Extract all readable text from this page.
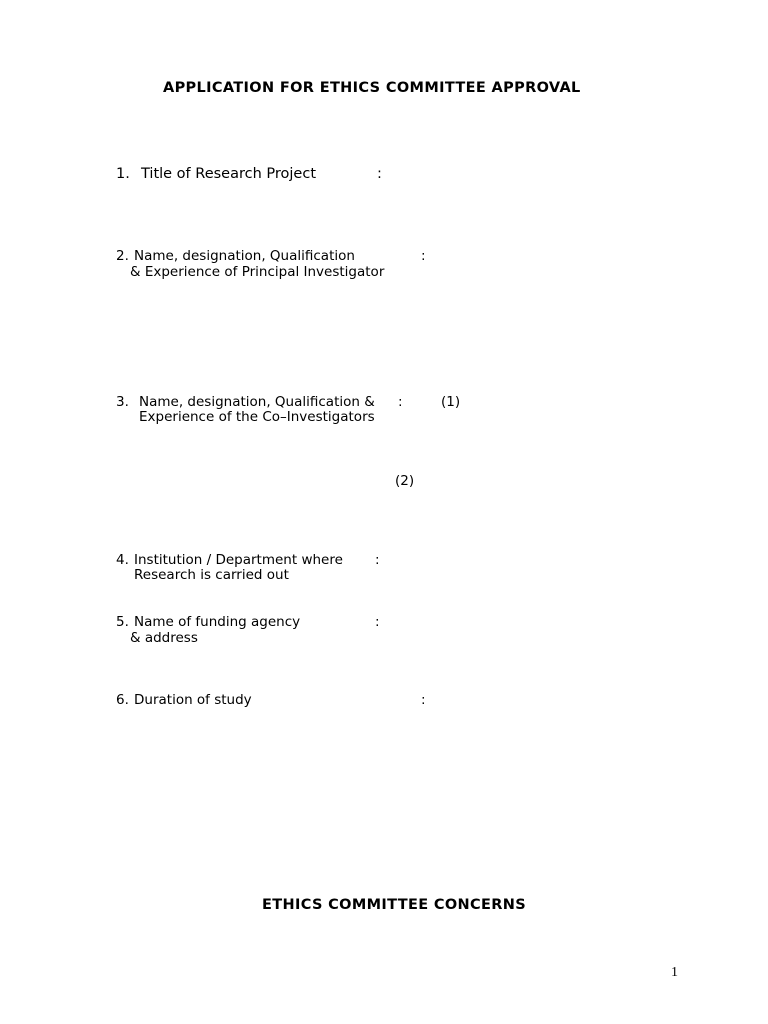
APPLICATION FOR ETHICS COMMITTEE APPROVAL
1. Title of Research Project	:
2. Name, designation, Qualification
& Experience of Principal Investigator
:
3. Name, designation, Qualification &
Experience of the Co–Investigators
:	(1)
(2)
4. Institution / Department where
Research is carried out
:
5. Name of funding agency
& address
:
6. Duration of study	:
ETHICS COMMITTEE CONCERNS
1
